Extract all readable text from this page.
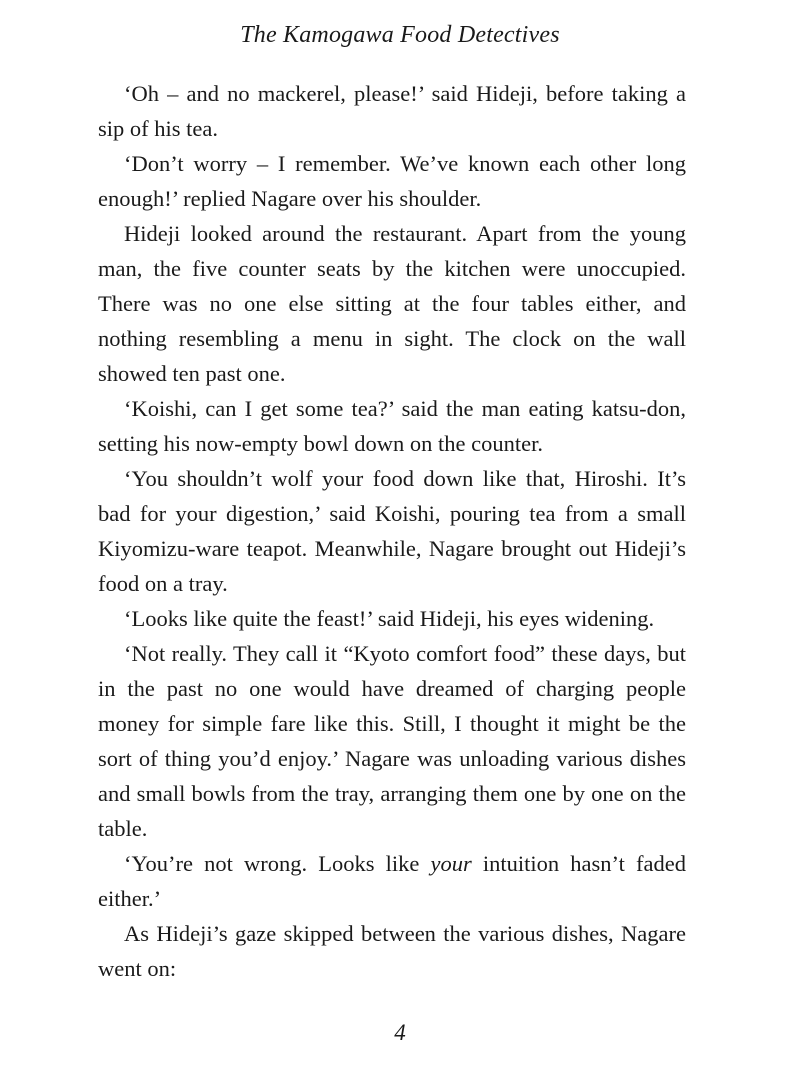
The Kamogawa Food Detectives

‘Oh – and no mackerel, please!’ said Hideji, before taking a sip of his tea.

‘Don’t worry – I remember. We’ve known each other long enough!’ replied Nagare over his shoulder.

Hideji looked around the restaurant. Apart from the young man, the five counter seats by the kitchen were unoccupied. There was no one else sitting at the four tables either, and nothing resembling a menu in sight. The clock on the wall showed ten past one.

‘Koishi, can I get some tea?’ said the man eating katsu-don, setting his now-empty bowl down on the counter.

‘You shouldn’t wolf your food down like that, Hiroshi. It’s bad for your digestion,’ said Koishi, pouring tea from a small Kiyomizu-ware teapot. Meanwhile, Nagare brought out Hideji’s food on a tray.

‘Looks like quite the feast!’ said Hideji, his eyes widening.

‘Not really. They call it “Kyoto comfort food” these days, but in the past no one would have dreamed of charging people money for simple fare like this. Still, I thought it might be the sort of thing you’d enjoy.’ Nagare was unloading various dishes and small bowls from the tray, arranging them one by one on the table.

‘You’re not wrong. Looks like your intuition hasn’t faded either.’

As Hideji’s gaze skipped between the various dishes, Nagare went on:

4
